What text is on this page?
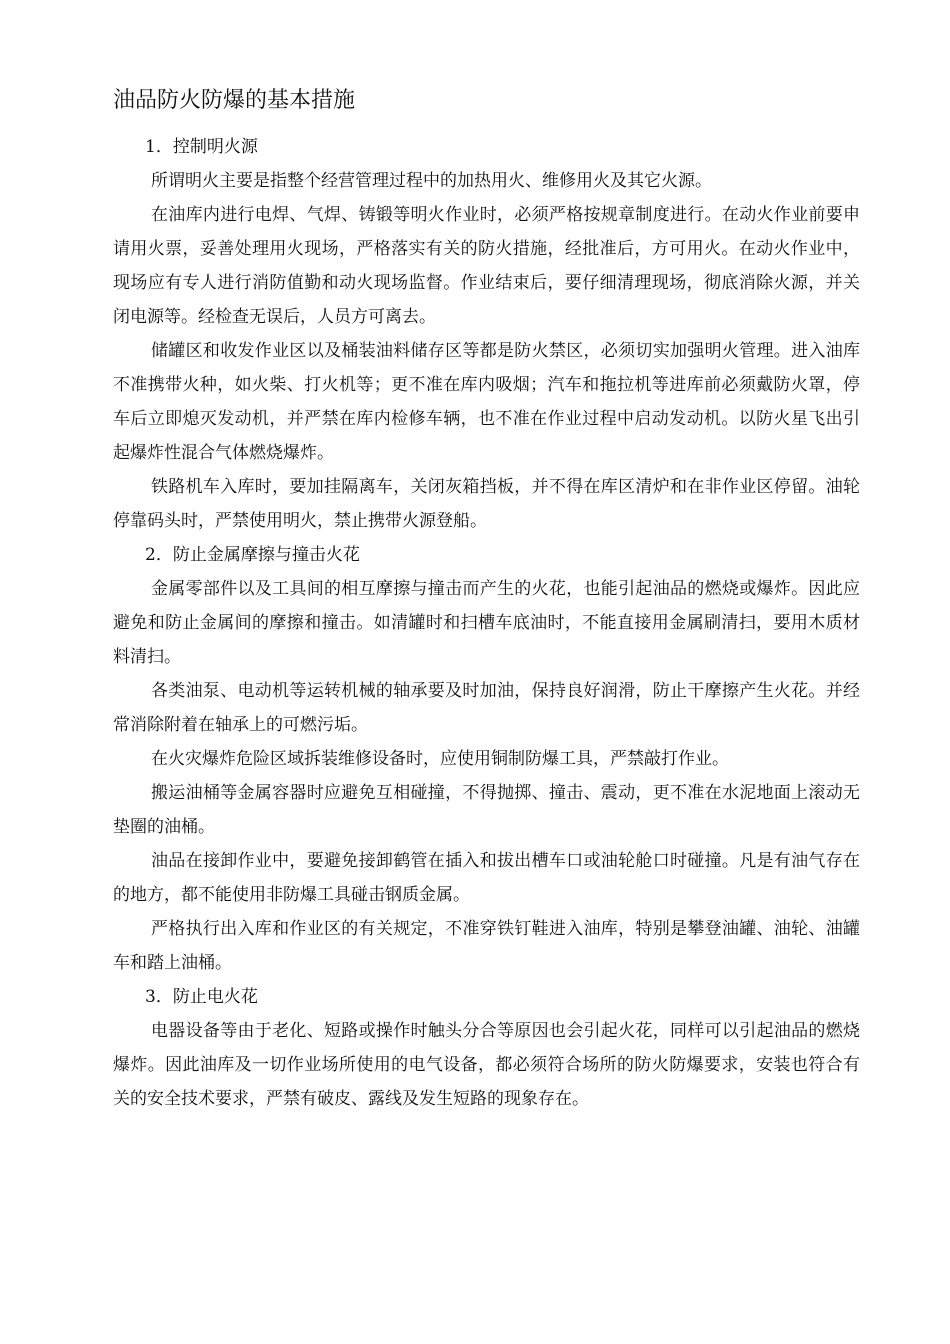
油品防火防爆的基本措施

1．控制明火源

所谓明火主要是指整个经营管理过程中的加热用火、维修用火及其它火源。

在油库内进行电焊、气焊、铸锻等明火作业时，必须严格按规章制度进行。在动火作业前要申请用火票，妥善处理用火现场，严格落实有关的防火措施，经批准后，方可用火。在动火作业中，现场应有专人进行消防值勤和动火现场监督。作业结束后，要仔细清理现场，彻底消除火源，并关闭电源等。经检查无误后，人员方可离去。

储罐区和收发作业区以及桶装油料储存区等都是防火禁区，必须切实加强明火管理。进入油库不准携带火种，如火柴、打火机等；更不准在库内吸烟；汽车和拖拉机等进库前必须戴防火罩，停车后立即熄灭发动机，并严禁在库内检修车辆，也不准在作业过程中启动发动机。以防火星飞出引起爆炸性混合气体燃烧爆炸。

铁路机车入库时，要加挂隔离车，关闭灰箱挡板，并不得在库区清炉和在非作业区停留。油轮停靠码头时，严禁使用明火，禁止携带火源登船。

2．防止金属摩擦与撞击火花

金属零部件以及工具间的相互摩擦与撞击而产生的火花，也能引起油品的燃烧或爆炸。因此应避免和防止金属间的摩擦和撞击。如清罐时和扫槽车底油时，不能直接用金属刷清扫，要用木质材料清扫。

各类油泵、电动机等运转机械的轴承要及时加油，保持良好润滑，防止干摩擦产生火花。并经常消除附着在轴承上的可燃污垢。

在火灾爆炸危险区域拆装维修设备时，应使用铜制防爆工具，严禁敲打作业。

搬运油桶等金属容器时应避免互相碰撞，不得抛掷、撞击、震动，更不准在水泥地面上滚动无垫圈的油桶。

油品在接卸作业中，要避免接卸鹤管在插入和拔出槽车口或油轮舱口时碰撞。凡是有油气存在的地方，都不能使用非防爆工具碰击钢质金属。

严格执行出入库和作业区的有关规定，不准穿铁钉鞋进入油库，特别是攀登油罐、油轮、油罐车和踏上油桶。

3．防止电火花

电器设备等由于老化、短路或操作时触头分合等原因也会引起火花，同样可以引起油品的燃烧爆炸。因此油库及一切作业场所使用的电气设备，都必须符合场所的防火防爆要求，安装也符合有关的安全技术要求，严禁有破皮、露线及发生短路的现象存在。
